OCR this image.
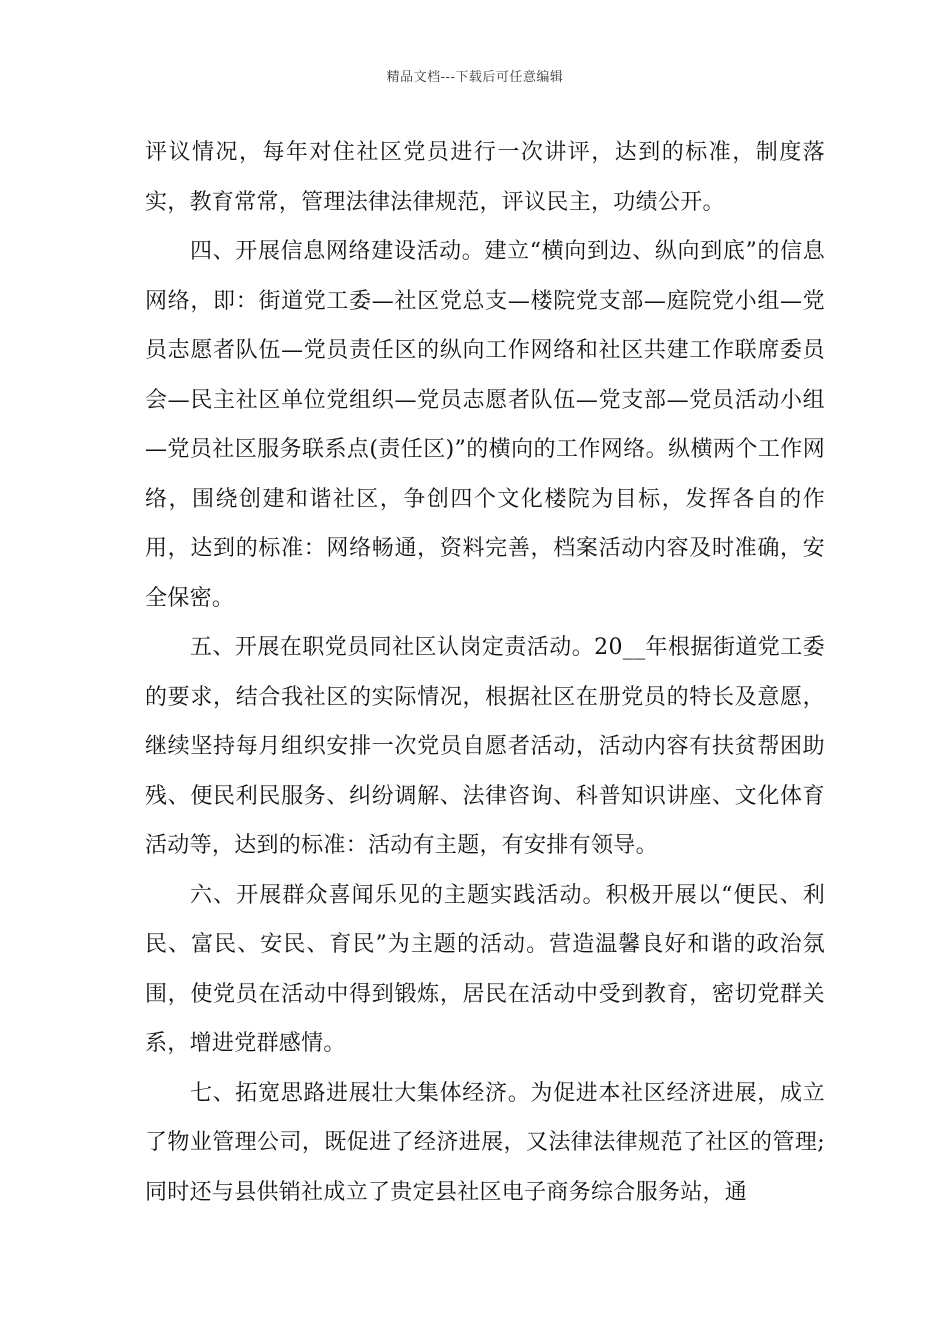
精品文档---下载后可任意编辑

评议情况，每年对住社区党员进行一次讲评，达到的标准，制度落实，教育常常，管理法律法律规范，评议民主，功绩公开。

四、开展信息网络建设活动。建立“横向到边、纵向到底”的信息网络，即：街道党工委—社区党总支—楼院党支部—庭院党小组—党员志愿者队伍—党员责任区的纵向工作网络和社区共建工作联席委员会—民主社区单位党组织—党员志愿者队伍—党支部—党员活动小组—党员社区服务联系点(责任区)”的横向的工作网络。纵横两个工作网络，围绕创建和谐社区，争创四个文化楼院为目标，发挥各自的作用，达到的标准：网络畅通，资料完善，档案活动内容及时准确，安全保密。

五、开展在职党员同社区认岗定责活动。20__年根据街道党工委的要求，结合我社区的实际情况，根据社区在册党员的特长及意愿，继续坚持每月组织安排一次党员自愿者活动，活动内容有扶贫帮困助残、便民利民服务、纠纷调解、法律咨询、科普知识讲座、文化体育活动等，达到的标准：活动有主题，有安排有领导。

六、开展群众喜闻乐见的主题实践活动。积极开展以“便民、利民、富民、安民、育民”为主题的活动。营造温馨良好和谐的政治氛围，使党员在活动中得到锻炼，居民在活动中受到教育，密切党群关系，增进党群感情。

七、拓宽思路进展壮大集体经济。为促进本社区经济进展，成立了物业管理公司，既促进了经济进展，又法律法律规范了社区的管理;同时还与县供销社成立了贵定县社区电子商务综合服务站，通
